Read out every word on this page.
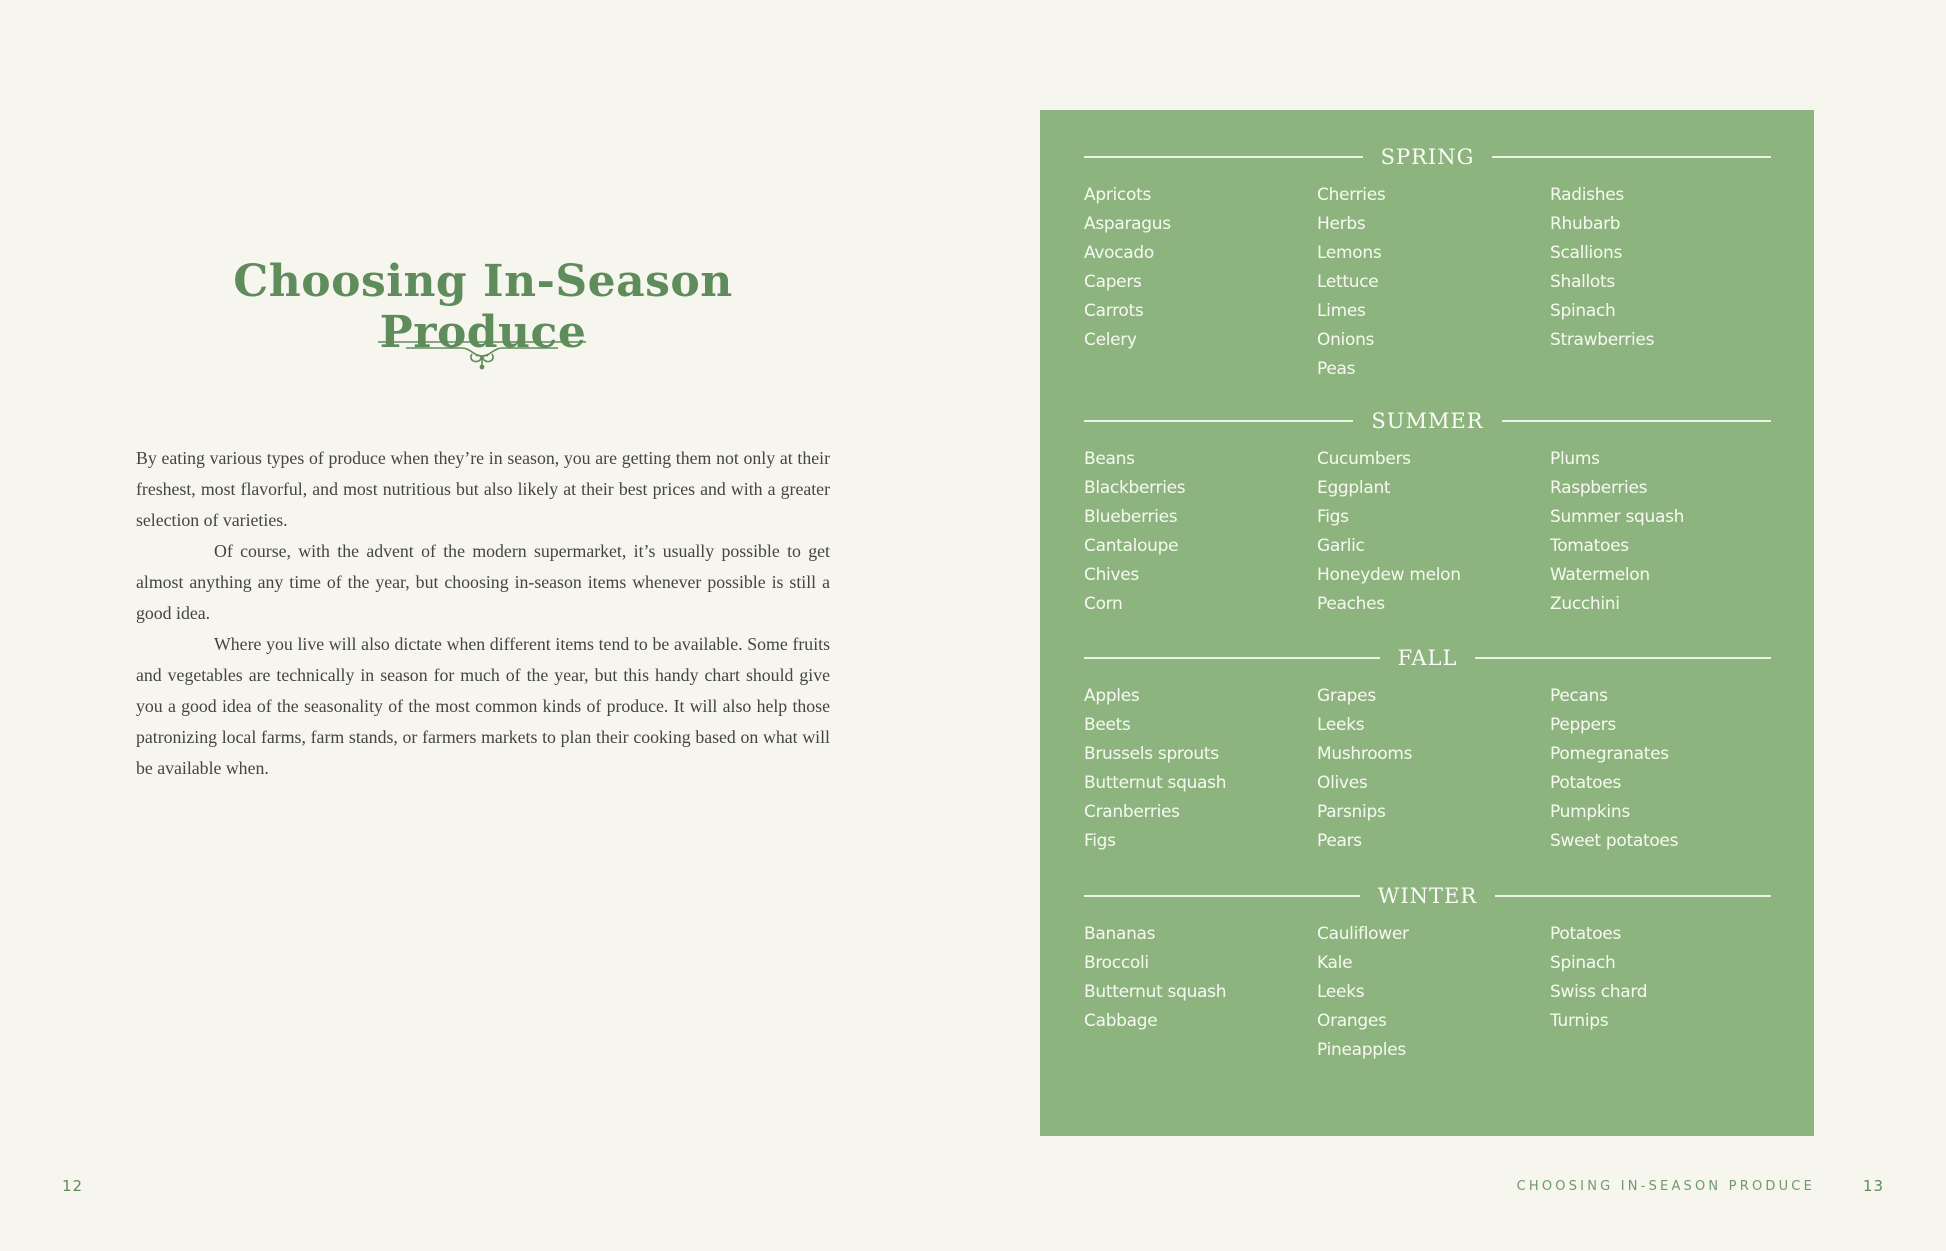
Choosing In-Season Produce

By eating various types of produce when they’re in season, you are getting them not only at their freshest, most flavorful, and most nutritious but also likely at their best prices and with a greater selection of varieties.

Of course, with the advent of the modern supermarket, it’s usually possible to get almost anything any time of the year, but choosing in-season items whenever possible is still a good idea.

Where you live will also dictate when different items tend to be available. Some fruits and vegetables are technically in season for much of the year, but this handy chart should give you a good idea of the seasonality of the most common kinds of produce. It will also help those patronizing local farms, farm stands, or farmers markets to plan their cooking based on what will be available when.

12
SPRING
Apricots
Asparagus
Avocado
Capers
Carrots
Celery
Cherries
Herbs
Lemons
Lettuce
Limes
Onions
Peas
Radishes
Rhubarb
Scallions
Shallots
Spinach
Strawberries
SUMMER
Beans
Blackberries
Blueberries
Cantaloupe
Chives
Corn
Cucumbers
Eggplant
Figs
Garlic
Honeydew melon
Peaches
Plums
Raspberries
Summer squash
Tomatoes
Watermelon
Zucchini
FALL
Apples
Beets
Brussels sprouts
Butternut squash
Cranberries
Figs
Grapes
Leeks
Mushrooms
Olives
Parsnips
Pears
Pecans
Peppers
Pomegranates
Potatoes
Pumpkins
Sweet potatoes
WINTER
Bananas
Broccoli
Butternut squash
Cabbage
Cauliflower
Kale
Leeks
Oranges
Pineapples
Potatoes
Spinach
Swiss chard
Turnips
CHOOSING IN-SEASON PRODUCE	13
